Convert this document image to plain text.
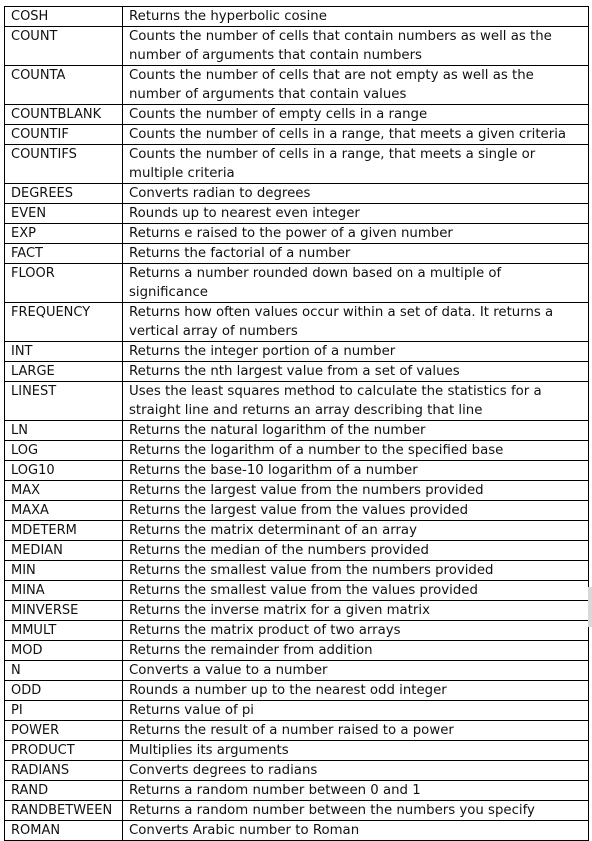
COSH	Returns the hyperbolic cosine
COUNT	Counts the number of cells that contain numbers as well as the number of arguments that contain numbers
COUNTA	Counts the number of cells that are not empty as well as the number of arguments that contain values
COUNTBLANK	Counts the number of empty cells in a range
COUNTIF	Counts the number of cells in a range, that meets a given criteria
COUNTIFS	Counts the number of cells in a range, that meets a single or multiple criteria
DEGREES	Converts radian to degrees
EVEN	Rounds up to nearest even integer
EXP	Returns e raised to the power of a given number
FACT	Returns the factorial of a number
FLOOR	Returns a number rounded down based on a multiple of significance
FREQUENCY	Returns how often values occur within a set of data. It returns a vertical array of numbers
INT	Returns the integer portion of a number
LARGE	Returns the nth largest value from a set of values
LINEST	Uses the least squares method to calculate the statistics for a straight line and returns an array describing that line
LN	Returns the natural logarithm of the number
LOG	Returns the logarithm of a number to the specified base
LOG10	Returns the base-10 logarithm of a number
MAX	Returns the largest value from the numbers provided
MAXA	Returns the largest value from the values provided
MDETERM	Returns the matrix determinant of an array
MEDIAN	Returns the median of the numbers provided
MIN	Returns the smallest value from the numbers provided
MINA	Returns the smallest value from the values provided
MINVERSE	Returns the inverse matrix for a given matrix
MMULT	Returns the matrix product of two arrays
MOD	Returns the remainder from addition
N	Converts a value to a number
ODD	Rounds a number up to the nearest odd integer
PI	Returns value of pi
POWER	Returns the result of a number raised to a power
PRODUCT	Multiplies its arguments
RADIANS	Converts degrees to radians
RAND	Returns a random number between 0 and 1
RANDBETWEEN	Returns a random number between the numbers you specify
ROMAN	Converts Arabic number to Roman
